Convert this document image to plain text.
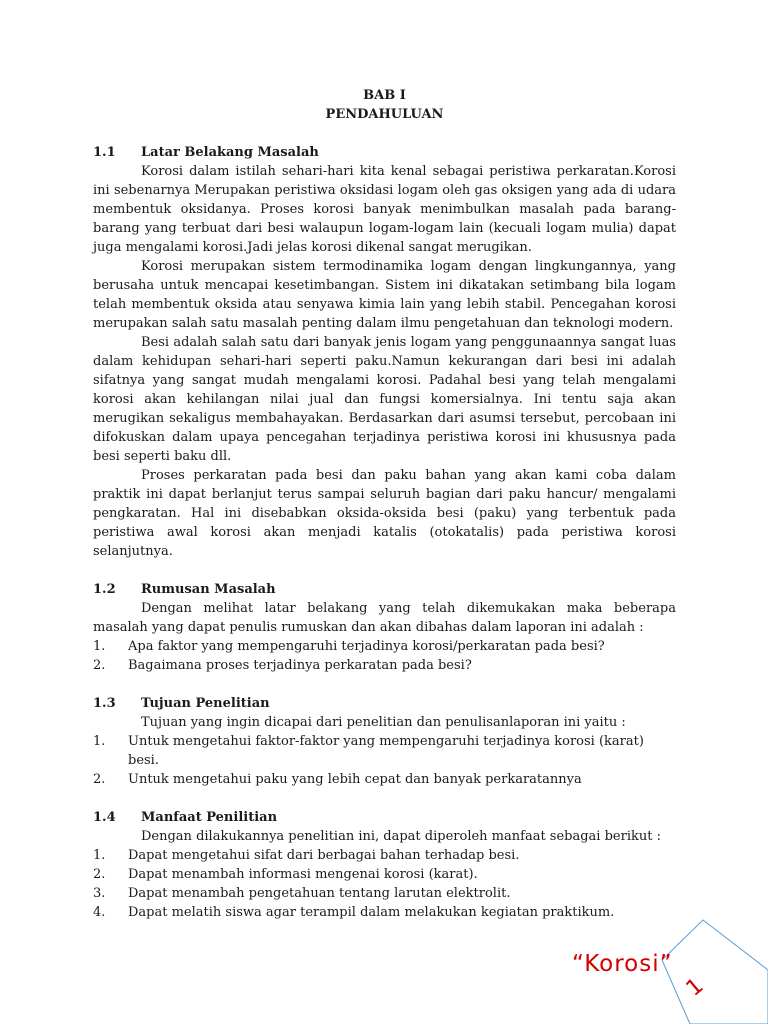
BAB I
PENDAHULUAN
1.1	Latar Belakang Masalah

Korosi dalam istilah sehari-hari kita kenal sebagai peristiwa perkaratan.Korosi ini sebenarnya Merupakan peristiwa oksidasi logam oleh gas oksigen yang ada di udara membentuk oksidanya. Proses korosi banyak menimbulkan masalah pada barang-barang yang terbuat dari besi walaupun logam-logam lain (kecuali logam mulia) dapat juga mengalami korosi.Jadi jelas korosi dikenal sangat merugikan.

Korosi merupakan sistem termodinamika logam dengan lingkungannya, yang berusaha untuk mencapai kesetimbangan. Sistem ini dikatakan setimbang bila logam telah membentuk oksida atau senyawa kimia lain yang lebih stabil. Pencegahan korosi merupakan salah satu masalah penting dalam ilmu pengetahuan dan teknologi modern.

Besi adalah salah satu dari banyak jenis logam yang penggunaannya sangat luas dalam kehidupan sehari-hari seperti paku.Namun kekurangan dari besi ini adalah sifatnya yang sangat mudah mengalami korosi. Padahal besi yang telah mengalami korosi akan kehilangan nilai jual dan fungsi komersialnya. Ini tentu saja akan merugikan sekaligus membahayakan. Berdasarkan dari asumsi tersebut, percobaan ini difokuskan dalam upaya pencegahan terjadinya peristiwa korosi ini khususnya pada besi seperti baku dll.

Proses perkaratan pada besi dan paku bahan yang akan kami coba dalam praktik ini dapat berlanjut terus sampai seluruh bagian dari paku hancur/ mengalami pengkaratan. Hal ini disebabkan oksida-oksida besi (paku) yang terbentuk pada peristiwa awal korosi akan menjadi katalis (otokatalis) pada peristiwa korosi selanjutnya.

1.2	Rumusan Masalah

Dengan melihat latar belakang yang telah dikemukakan maka beberapa masalah yang dapat penulis rumuskan dan akan dibahas dalam laporan ini adalah :

1.	Apa faktor yang mempengaruhi terjadinya korosi/perkaratan pada besi?
2.	Bagaimana proses terjadinya perkaratan pada besi?
1.3	Tujuan Penelitian

Tujuan yang ingin dicapai dari penelitian dan penulisanlaporan ini yaitu :

1.	Untuk mengetahui faktor-faktor yang mempengaruhi terjadinya korosi (karat) besi.
2.	Untuk mengetahui paku yang lebih cepat dan banyak perkaratannya
1.4	Manfaat Penilitian

Dengan dilakukannya penelitian ini, dapat diperoleh manfaat sebagai berikut :

1.	Dapat mengetahui sifat dari berbagai bahan terhadap besi.
2.	Dapat menambah informasi mengenai korosi (karat).
3.	Dapat menambah pengetahuan tentang larutan elektrolit.
4.	Dapat melatih siswa agar terampil dalam melakukan kegiatan praktikum.
“Korosi”
1
